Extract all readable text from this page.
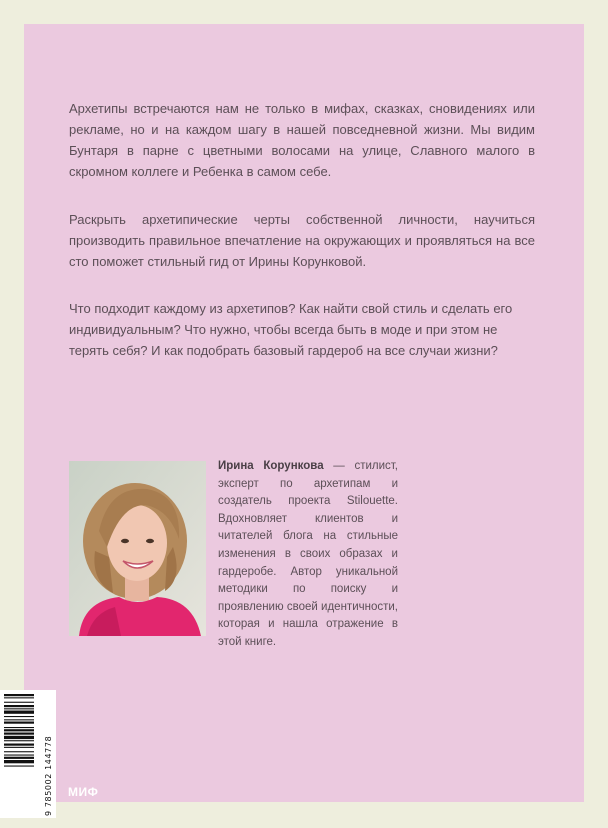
Архетипы встречаются нам не только в мифах, сказках, сновидениях или рекламе, но и на каждом шагу в нашей повседневной жизни. Мы видим Бунтаря в парне с цветными волосами на улице, Славного малого в скромном коллеге и Ребенка в самом себе.

Раскрыть архетипические черты собственной личности, научиться производить правильное впечатление на окружающих и проявляться на все сто поможет стильный гид от Ирины Корунковой.

Что подходит каждому из архетипов? Как найти свой стиль и сделать его индивидуальным? Что нужно, чтобы всегда быть в моде и при этом не терять себя? И как подобрать базовый гардероб на все случаи жизни?

Ирина Корункова — стилист, эксперт по архетипам и создатель проекта Stilouette. Вдохновляет клиентов и читателей блога на стильные изменения в своих образах и гардеробе. Автор уникальной методики по поиску и проявлению своей идентичности, которая и нашла отражение в этой книге.

9 785002 144778 МИФ
